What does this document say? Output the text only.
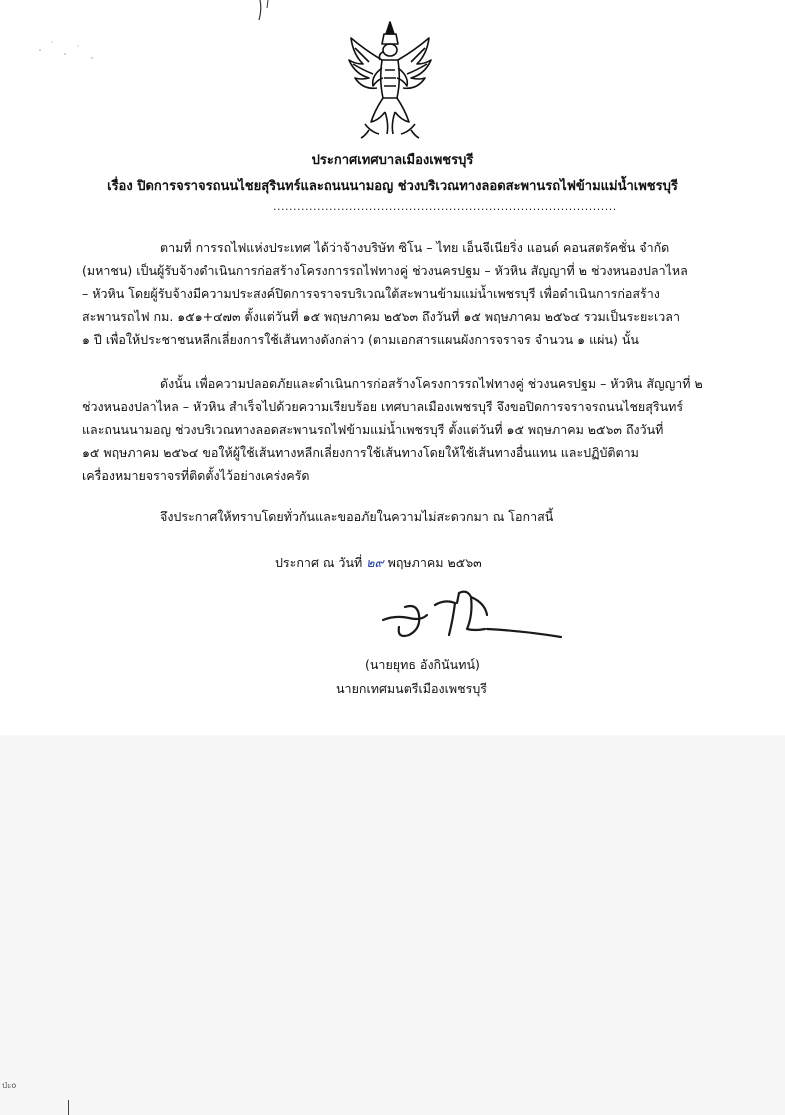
ประกาศเทศบาลเมืองเพชรบุรี
เรื่อง ปิดการจราจรถนนไชยสุรินทร์และถนนนามอญ ช่วงบริเวณทางลอดสะพานรถไฟข้ามแม่น้ำเพชรบุรี
......................................................................................
ตามที่ การรถไฟแห่งประเทศ ได้ว่าจ้างบริษัท ซิโน – ไทย เอ็นจีเนียริ่ง แอนด์ คอนสตรัคชั่น จำกัด
(มหาชน) เป็นผู้รับจ้างดำเนินการก่อสร้างโครงการรถไฟทางคู่ ช่วงนครปฐม – หัวหิน สัญญาที่ ๒ ช่วงหนองปลาไหล
– หัวหิน โดยผู้รับจ้างมีความประสงค์ปิดการจราจรบริเวณใต้สะพานข้ามแม่น้ำเพชรบุรี เพื่อดำเนินการก่อสร้าง
สะพานรถไฟ กม. ๑๕๑+๔๗๓ ตั้งแต่วันที่ ๑๕ พฤษภาคม ๒๕๖๓ ถึงวันที่ ๑๕ พฤษภาคม ๒๕๖๔ รวมเป็นระยะเวลา
๑ ปี เพื่อให้ประชาชนหลีกเลี่ยงการใช้เส้นทางดังกล่าว (ตามเอกสารแผนผังการจราจร จำนวน ๑ แผ่น) นั้น
ดังนั้น เพื่อความปลอดภัยและดำเนินการก่อสร้างโครงการรถไฟทางคู่ ช่วงนครปฐม – หัวหิน สัญญาที่ ๒
ช่วงหนองปลาไหล – หัวหิน สำเร็จไปด้วยความเรียบร้อย เทศบาลเมืองเพชรบุรี จึงขอปิดการจราจรถนนไชยสุรินทร์
และถนนนามอญ ช่วงบริเวณทางลอดสะพานรถไฟข้ามแม่น้ำเพชรบุรี ตั้งแต่วันที่ ๑๕ พฤษภาคม ๒๕๖๓ ถึงวันที่
๑๕ พฤษภาคม ๒๕๖๔ ขอให้ผู้ใช้เส้นทางหลีกเลี่ยงการใช้เส้นทางโดยให้ใช้เส้นทางอื่นแทน และปฏิบัติตาม
เครื่องหมายจราจรที่ติดตั้งไว้อย่างเคร่งครัด
จึงประกาศให้ทราบโดยทั่วกันและขออภัยในความไม่สะดวกมา ณ โอกาสนี้
ประกาศ ณ วันที่ ๒๙ พฤษภาคม ๒๕๖๓
(นายยุทธ อังกินันทน์)
นายกเทศมนตรีเมืองเพชรบุรี
ป่ะo
